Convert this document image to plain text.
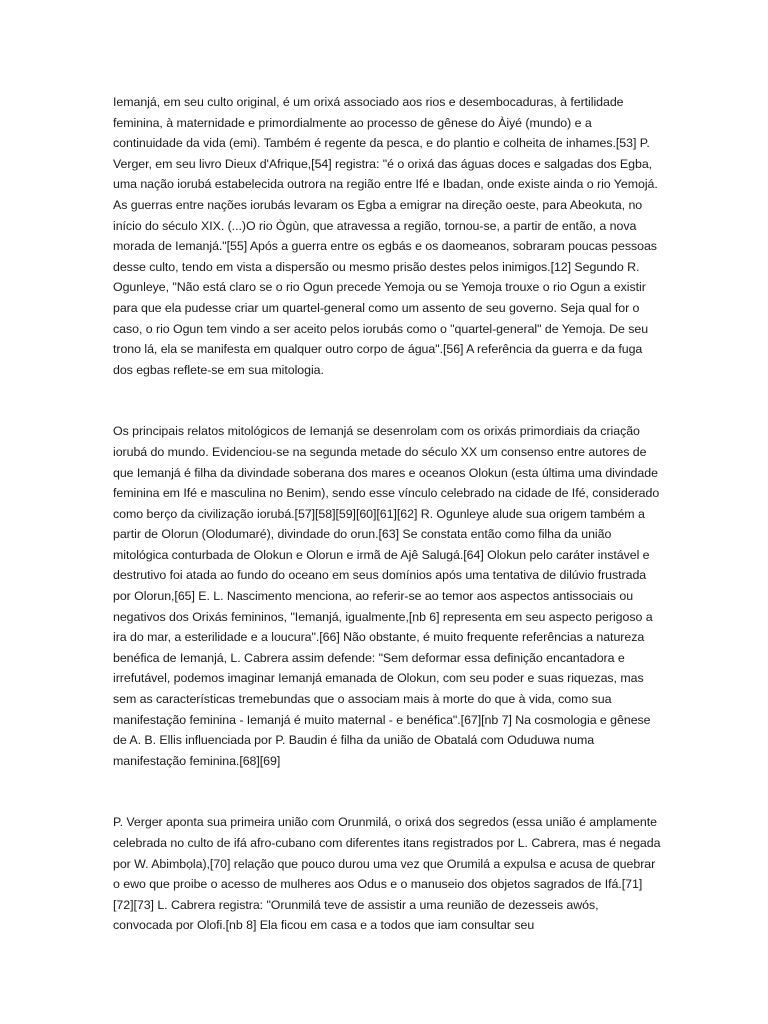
Iemanjá, em seu culto original, é um orixá associado aos rios e desembocaduras, à fertilidade feminina, à maternidade e primordialmente ao processo de gênese do Àiyé (mundo) e a continuidade da vida (emi). Também é regente da pesca, e do plantio e colheita de inhames.[53] P. Verger, em seu livro Dieux d'Afrique,[54] registra: "é o orixá das águas doces e salgadas dos Egba, uma nação iorubá estabelecida outrora na região entre Ifé e Ibadan, onde existe ainda o rio Yemojá. As guerras entre nações iorubás levaram os Egba a emigrar na direção oeste, para Abeokuta, no início do século XIX. (...)O rio Ògùn, que atravessa a região, tornou-se, a partir de então, a nova morada de Iemanjá."[55] Após a guerra entre os egbás e os daomeanos, sobraram poucas pessoas desse culto, tendo em vista a dispersão ou mesmo prisão destes pelos inimigos.[12] Segundo R. Ogunleye, "Não está claro se o rio Ogun precede Yemoja ou se Yemoja trouxe o rio Ogun a existir para que ela pudesse criar um quartel-general como um assento de seu governo. Seja qual for o caso, o rio Ogun tem vindo a ser aceito pelos iorubás como o "quartel-general" de Yemoja. De seu trono lá, ela se manifesta em qualquer outro corpo de água".[56] A referência da guerra e da fuga dos egbas reflete-se em sua mitologia.

Os principais relatos mitológicos de Iemanjá se desenrolam com os orixás primordiais da criação iorubá do mundo. Evidenciou-se na segunda metade do século XX um consenso entre autores de que Iemanjá é filha da divindade soberana dos mares e oceanos Olokun (esta última uma divindade feminina em Ifé e masculina no Benim), sendo esse vínculo celebrado na cidade de Ifé, considerado como berço da civilização iorubá.[57][58][59][60][61][62] R. Ogunleye alude sua origem também a partir de Olorun (Olodumaré), divindade do orun.[63] Se constata então como filha da união mitológica conturbada de Olokun e Olorun e irmã de Ajê Salugá.[64] Olokun pelo caráter instável e destrutivo foi atada ao fundo do oceano em seus domínios após uma tentativa de dilúvio frustrada por Olorun,[65] E. L. Nascimento menciona, ao referir-se ao temor aos aspectos antissociais ou negativos dos Orixás femininos, "Iemanjá, igualmente,[nb 6] representa em seu aspecto perigoso a ira do mar, a esterilidade e a loucura".[66] Não obstante, é muito frequente referências a natureza benéfica de Iemanjá, L. Cabrera assim defende: "Sem deformar essa definição encantadora e irrefutável, podemos imaginar Iemanjá emanada de Olokun, com seu poder e suas riquezas, mas sem as características tremebundas que o associam mais à morte do que à vida, como sua manifestação feminina - Iemanjá é muito maternal - e benéfica".[67][nb 7] Na cosmologia e gênese de A. B. Ellis influenciada por P. Baudin é filha da união de Obatalá com Oduduwa numa manifestação feminina.[68][69]

P. Verger aponta sua primeira união com Orunmilá, o orixá dos segredos (essa união é amplamente celebrada no culto de ifá afro-cubano com diferentes itans registrados por L. Cabrera, mas é negada por W. Abimbọla),[70] relação que pouco durou uma vez que Orumilá a expulsa e acusa de quebrar o ewo que proibe o acesso de mulheres aos Odus e o manuseio dos objetos sagrados de Ifá.[71][72][73] L. Cabrera registra: "Orunmilá teve de assistir a uma reunião de dezesseis awós, convocada por Olofi.[nb 8] Ela ficou em casa e a todos que iam consultar seu
